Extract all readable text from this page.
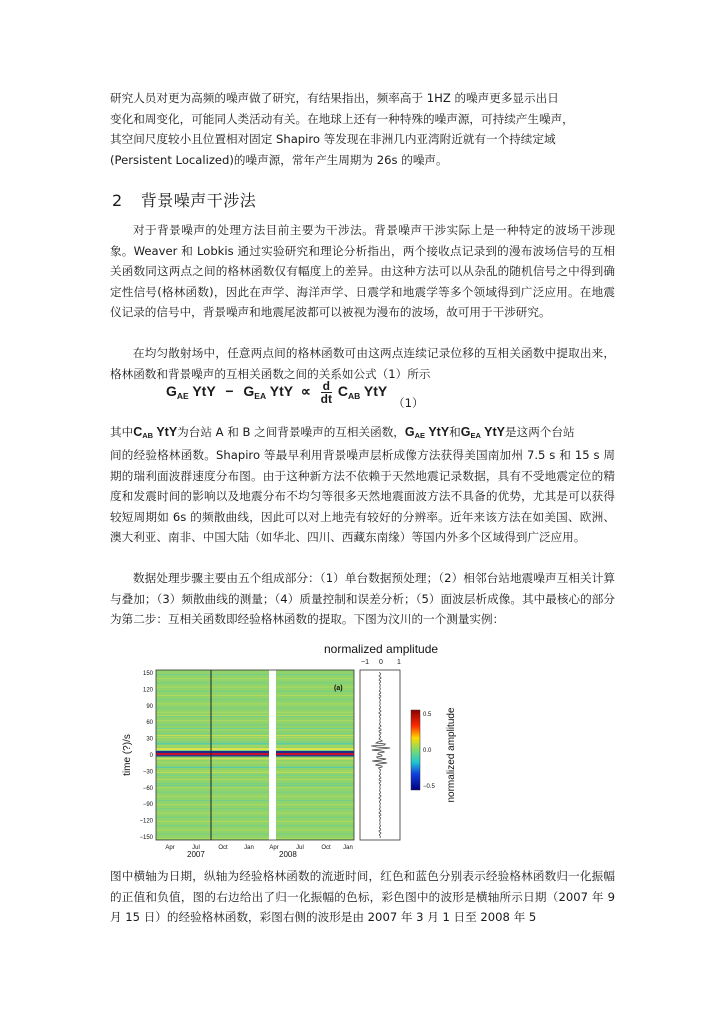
研究人员对更为高频的噪声做了研究，有结果指出，频率高于 1HZ 的噪声更多显示出日
变化和周变化，可能同人类活动有关。在地球上还有一种特殊的噪声源，可持续产生噪声，
其空间尺度较小且位置相对固定 Shapiro 等发现在非洲几内亚湾附近就有一个持续定域
(Persistent Localized)的噪声源，常年产生周期为 26s 的噪声。
2 背景噪声干涉法

对于背景噪声的处理方法目前主要为干涉法。背景噪声干涉实际上是一种特定的波场干涉现象。Weaver 和 Lobkis 通过实验研究和理论分析指出，两个接收点记录到的漫布波场信号的互相关函数同这两点之间的格林函数仅有幅度上的差异。由这种方法可以从杂乱的随机信号之中得到确定性信号(格林函数)，因此在声学、海洋声学、日震学和地震学等多个领域得到广泛应用。在地震仪记录的信号中，背景噪声和地震尾波都可以被视为漫布的波场，故可用于干涉研究。

在均匀散射场中，任意两点间的格林函数可由这两点连续记录位移的互相关函数中提取出来，格林函数和背景噪声的互相关函数之间的关系如公式（1）所示

$G_{AE}$ YtY − $G_{EA}$ YtY ∝ $\frac{d}{dt} C_{AB}$ YtY
（1）
其中$C_{AB}$ YtY为台站 A 和 B 之间背景噪声的互相关函数，$G_{AE}$ YtY和$G_{EA}$ YtY是这两个台站

间的经验格林函数。Shapiro 等最早利用背景噪声层析成像方法获得美国南加州 7.5 s 和 15 s 周期的瑞利面波群速度分布图。由于这种新方法不依赖于天然地震记录数据，具有不受地震定位的精度和发震时间的影响以及地震分布不均匀等很多天然地震面波方法不具备的优势，尤其是可以获得较短周期如 6s 的频散曲线，因此可以对上地壳有较好的分辨率。近年来该方法在如美国、欧洲、澳大利亚、南非、中国大陆（如华北、四川、西藏东南缘）等国内外多个区域得到广泛应用。

数据处理步骤主要由五个组成部分：（1）单台数据预处理；（2）相邻台站地震噪声互相关计算与叠加；（3）频散曲线的测量；（4）质量控制和误差分析；（5）面波层析成像。其中最核心的部分为第二步：互相关函数即经验格林函数的提取。下图为汶川的一个测量实例：

normalized amplitude
−1 0 1
(a)
150
120
90
60
30
0
−30
−60
−90
−120
−150
time (?)/s
Apr	Jul	Oct	Jan	Apr	Jul	Oct Jan
2007	2008
0.5
0.0
−0.5 normalized amplitude

图中横轴为日期，纵轴为经验格林函数的流逝时间，红色和蓝色分别表示经验格林函数归一化振幅的正值和负值，图的右边给出了归一化振幅的色标，彩色图中的波形是横轴所示日期（2007 年 9 月 15 日）的经验格林函数，彩图右侧的波形是由 2007 年 3 月 1 日至 2008 年 5
